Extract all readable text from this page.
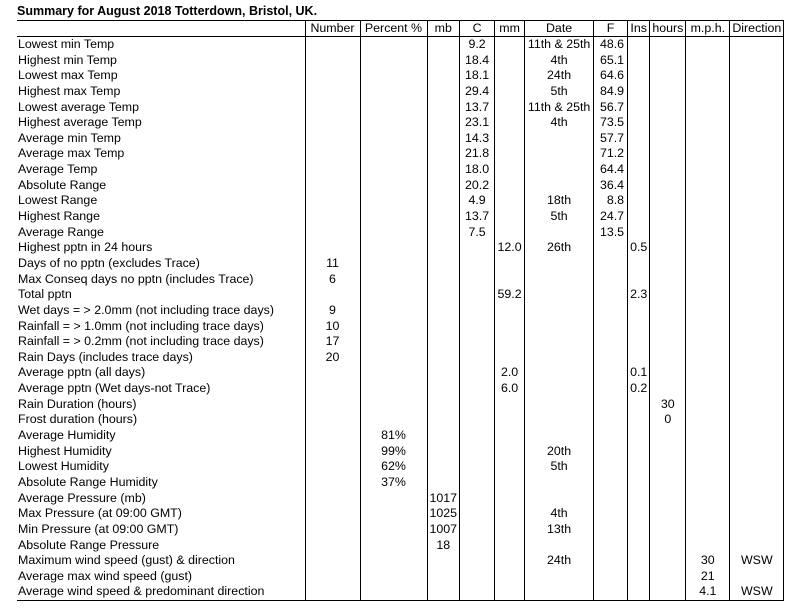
Summary for August 2018 Totterdown, Bristol, UK.
	Number	Percent %	mb	C	mm	Date	F	Ins	hours	m.p.h.	Direction
Lowest min Temp				9.2		11th & 25th	48.6				
Highest min Temp				18.4		4th	65.1				
Lowest max Temp				18.1		24th	64.6				
Highest max Temp				29.4		5th	84.9				
Lowest average Temp				13.7		11th & 25th	56.7				
Highest average Temp				23.1		4th	73.5				
Average min Temp				14.3			57.7				
Average max Temp				21.8			71.2				
Average Temp				18.0			64.4				
Absolute Range				20.2			36.4				
Lowest Range				4.9		18th	8.8				
Highest Range				13.7		5th	24.7				
Average Range				7.5			13.5				
Highest pptn in 24 hours					12.0	26th		0.5			
Days of no pptn (excludes Trace)	11										
Max Conseq days no pptn (includes Trace)	6										
Total pptn					59.2			2.3			
Wet days = > 2.0mm (not including trace days)	9										
Rainfall = > 1.0mm (not including trace days)	10										
Rainfall = > 0.2mm (not including trace days)	17										
Rain Days (includes trace days)	20										
Average pptn (all days)					2.0			0.1			
Average pptn (Wet days-not Trace)					6.0			0.2			
Rain Duration (hours)									30		
Frost duration (hours)									0		
Average Humidity		81%									
Highest Humidity		99%				20th					
Lowest Humidity		62%				5th					
Absolute Range Humidity		37%									
Average Pressure (mb)			1017								
Max Pressure (at 09:00 GMT)			1025			4th					
Min Pressure (at 09:00 GMT)			1007			13th					
Absolute Range Pressure			18								
Maximum wind speed (gust) & direction						24th				30	WSW
Average max wind speed (gust)										21	
Average wind speed & predominant direction										4.1	WSW
